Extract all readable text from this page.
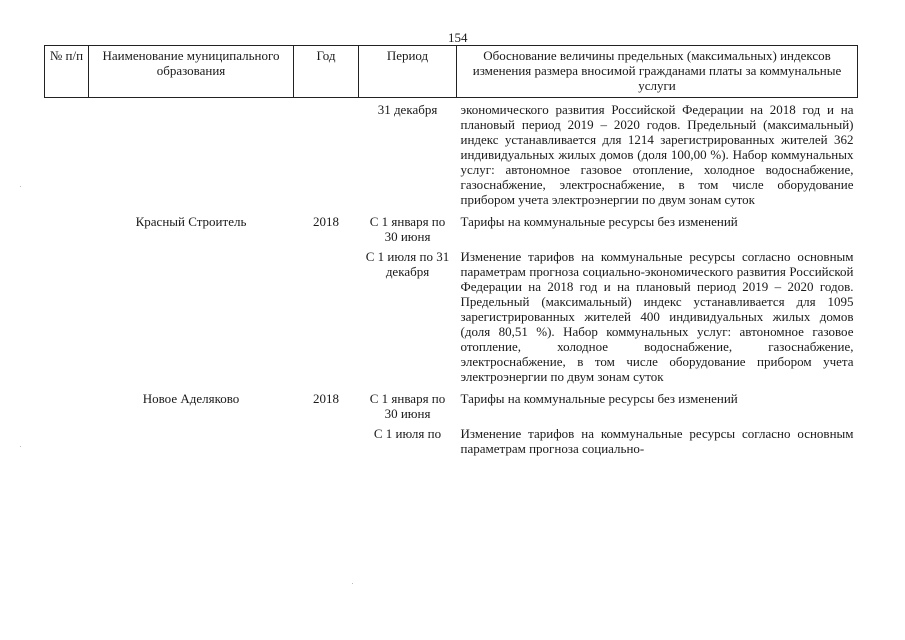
154
№ п/п	Наименование муниципального образования	Год	Период	Обоснование величины предельных (максимальных) индексов изменения размера вносимой гражданами платы за коммунальные услуги
			31 декабря	экономического развития Российской Федерации на 2018 год и на плановый период 2019 – 2020 годов. Предельный (максимальный) индекс устанавливается для 1214 зарегистрированных жителей 362 индивидуальных жилых домов (доля 100,00 %). Набор коммунальных услуг: автономное газовое отопление, холодное водоснабжение, газоснабжение, электроснабжение, в том числе оборудование прибором учета электроэнергии по двум зонам суток
	Красный Строитель	2018	С 1 января по 30 июня	Тарифы на коммунальные ресурсы без изменений
			С 1 июля по 31 декабря	Изменение тарифов на коммунальные ресурсы согласно основным параметрам прогноза социально-экономического развития Российской Федерации на 2018 год и на плановый период 2019 – 2020 годов. Предельный (максимальный) индекс устанавливается для 1095 зарегистрированных жителей 400 индивидуальных жилых домов (доля 80,51 %). Набор коммунальных услуг: автономное газовое отопление, холодное водоснабжение, газоснабжение, электроснабжение, в том числе оборудование прибором учета электроэнергии по двум зонам суток
	Новое Аделяково	2018	С 1 января по 30 июня	Тарифы на коммунальные ресурсы без изменений
			С 1 июля по	Изменение тарифов на коммунальные ресурсы согласно основным параметрам прогноза социально-
